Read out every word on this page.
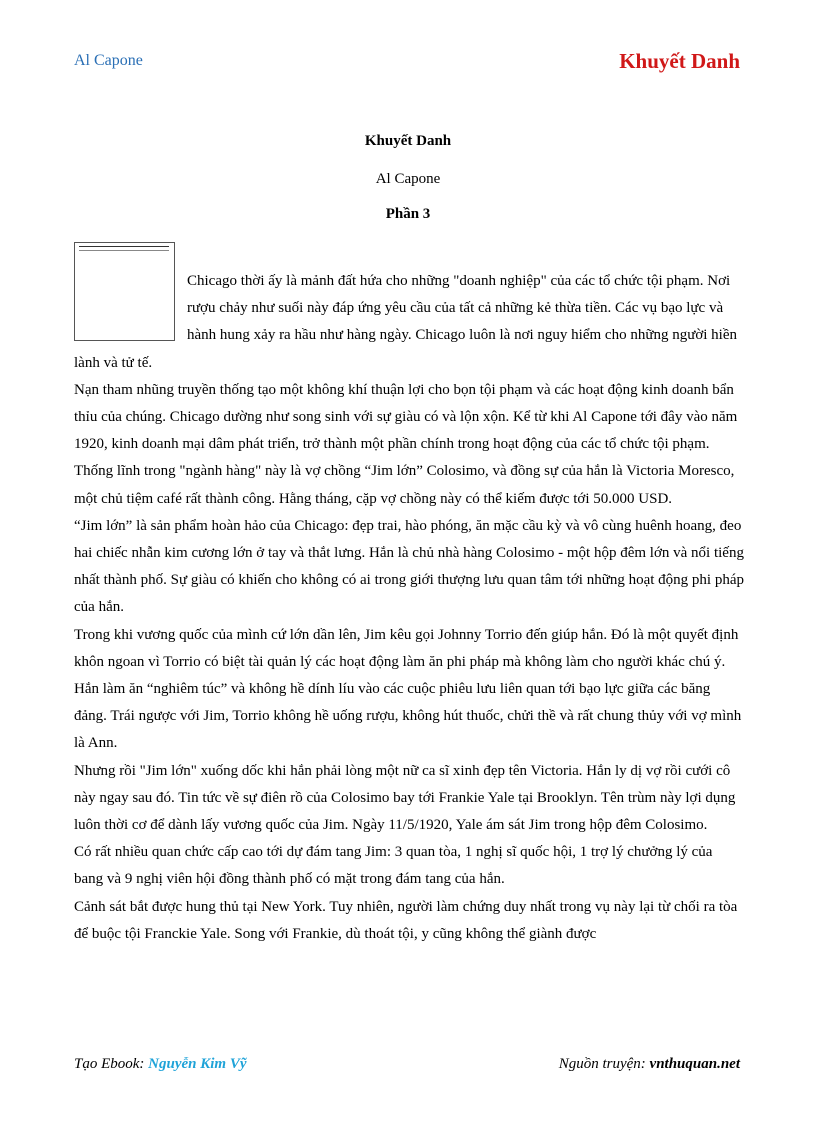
Al Capone	Khuyết Danh
Khuyết Danh
Al Capone
Phần 3

Chicago thời ấy là mảnh đất hứa cho những "doanh nghiệp" của các tổ chức tội phạm. Nơi rượu chảy như suối này đáp ứng yêu cầu của tất cả những kẻ thừa tiền. Các vụ bạo lực và hành hung xảy ra hầu như hàng ngày. Chicago luôn là nơi nguy hiểm cho những người hiền lành và tử tế.

Nạn tham nhũng truyền thống tạo một không khí thuận lợi cho bọn tội phạm và các hoạt động kinh doanh bẩn thỉu của chúng. Chicago dường như song sinh với sự giàu có và lộn xộn. Kể từ khi Al Capone tới đây vào năm 1920, kinh doanh mại dâm phát triển, trở thành một phần chính trong hoạt động của các tổ chức tội phạm. Thống lĩnh trong "ngành hàng" này là vợ chồng “Jim lớn” Colosimo, và đồng sự của hắn là Victoria Moresco, một chủ tiệm café rất thành công. Hằng tháng, cặp vợ chồng này có thể kiếm được tới 50.000 USD.

“Jim lớn” là sản phẩm hoàn hảo của Chicago: đẹp trai, hào phóng, ăn mặc cầu kỳ và vô cùng huênh hoang, đeo hai chiếc nhẫn kim cương lớn ở tay và thắt lưng. Hắn là chủ nhà hàng Colosimo - một hộp đêm lớn và nổi tiếng nhất thành phố. Sự giàu có khiến cho không có ai trong giới thượng lưu quan tâm tới những hoạt động phi pháp của hắn.

Trong khi vương quốc của mình cứ lớn dần lên, Jim kêu gọi Johnny Torrio đến giúp hắn. Đó là một quyết định khôn ngoan vì Torrio có biệt tài quản lý các hoạt động làm ăn phi pháp mà không làm cho người khác chú ý. Hắn làm ăn “nghiêm túc” và không hề dính líu vào các cuộc phiêu lưu liên quan tới bạo lực giữa các băng đảng. Trái ngược với Jim, Torrio không hề uống rượu, không hút thuốc, chửi thề và rất chung thủy với vợ mình là Ann.

Nhưng rồi "Jim lớn" xuống dốc khi hắn phải lòng một nữ ca sĩ xinh đẹp tên Victoria. Hắn ly dị vợ rồi cưới cô này ngay sau đó. Tin tức về sự điên rồ của Colosimo bay tới Frankie Yale tại Brooklyn. Tên trùm này lợi dụng luôn thời cơ để dành lấy vương quốc của Jim. Ngày 11/5/1920, Yale ám sát Jim trong hộp đêm Colosimo.

Có rất nhiều quan chức cấp cao tới dự đám tang Jim: 3 quan tòa, 1 nghị sĩ quốc hội, 1 trợ lý chưởng lý của bang và 9 nghị viên hội đồng thành phố có mặt trong đám tang của hắn.

Cảnh sát bắt được hung thủ tại New York. Tuy nhiên, người làm chứng duy nhất trong vụ này lại từ chối ra tòa để buộc tội Franckie Yale. Song với Frankie, dù thoát tội, y cũng không thể giành được

Tạo Ebook: Nguyễn Kim Vỹ	Nguồn truyện: vnthuquan.net
